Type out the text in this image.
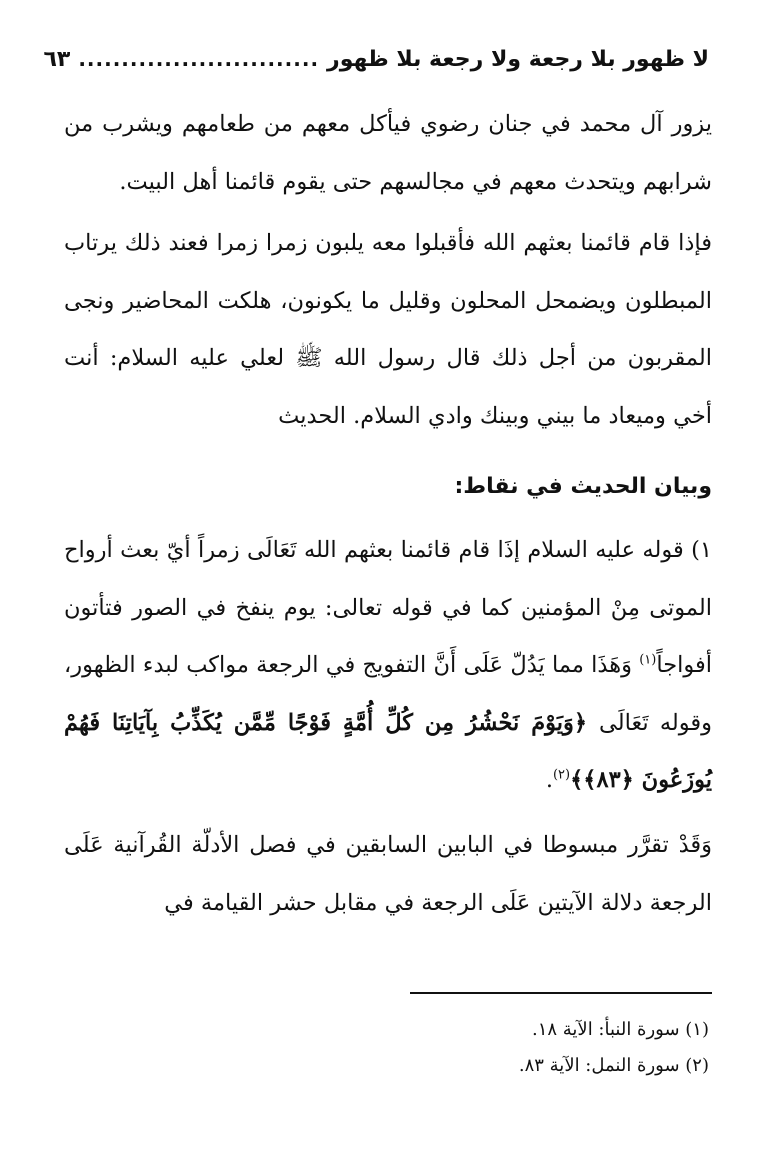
لا ظهور بلا رجعة ولا رجعة بلا ظهور
............................
٦٣

يزور آل محمد في جنان رضوي فيأكل معهم من طعامهم ويشرب من شرابهم ويتحدث معهم في مجالسهم حتى يقوم قائمنا أهل البيت.

فإذا قام قائمنا بعثهم الله فأقبلوا معه يلبون زمرا زمرا فعند ذلك يرتاب المبطلون ويضمحل المحلون وقليل ما يكونون، هلكت المحاضير ونجى المقربون من أجل ذلك قال رسول الله ﷺ لعلي عليه السلام: أنت أخي وميعاد ما بيني وبينك وادي السلام. الحديث

وبيان الحديث في نقاط:

١) قوله عليه السلام إذَا قام قائمنا بعثهم الله تَعَالَى زمراً أيّ بعث أرواح الموتى مِنْ المؤمنين كما في قوله تعالى: يوم ينفخ في الصور فتأتون أفواجاً$^{(١)}$ وَهَذَا مما يَدُلّ عَلَى أَنَّ التفويج في الرجعة مواكب لبدء الظهور، وقوله تَعَالَى ﴿وَيَوْمَ نَحْشُرُ مِن كُلِّ أُمَّةٍ فَوْجًا مِّمَّن يُكَذِّبُ بِآيَاتِنَا فَهُمْ يُوزَعُونَ ﴿٨٣﴾﴾$^{(٢)}$.

وَقَدْ تقرَّر مبسوطا في البابين السابقين في فصل الأدلّة القُرآنية عَلَى الرجعة دلالة الآيتين عَلَى الرجعة في مقابل حشر القيامة في

(١) سورة النبأ: الآية ١٨.

(٢) سورة النمل: الآية ٨٣.
